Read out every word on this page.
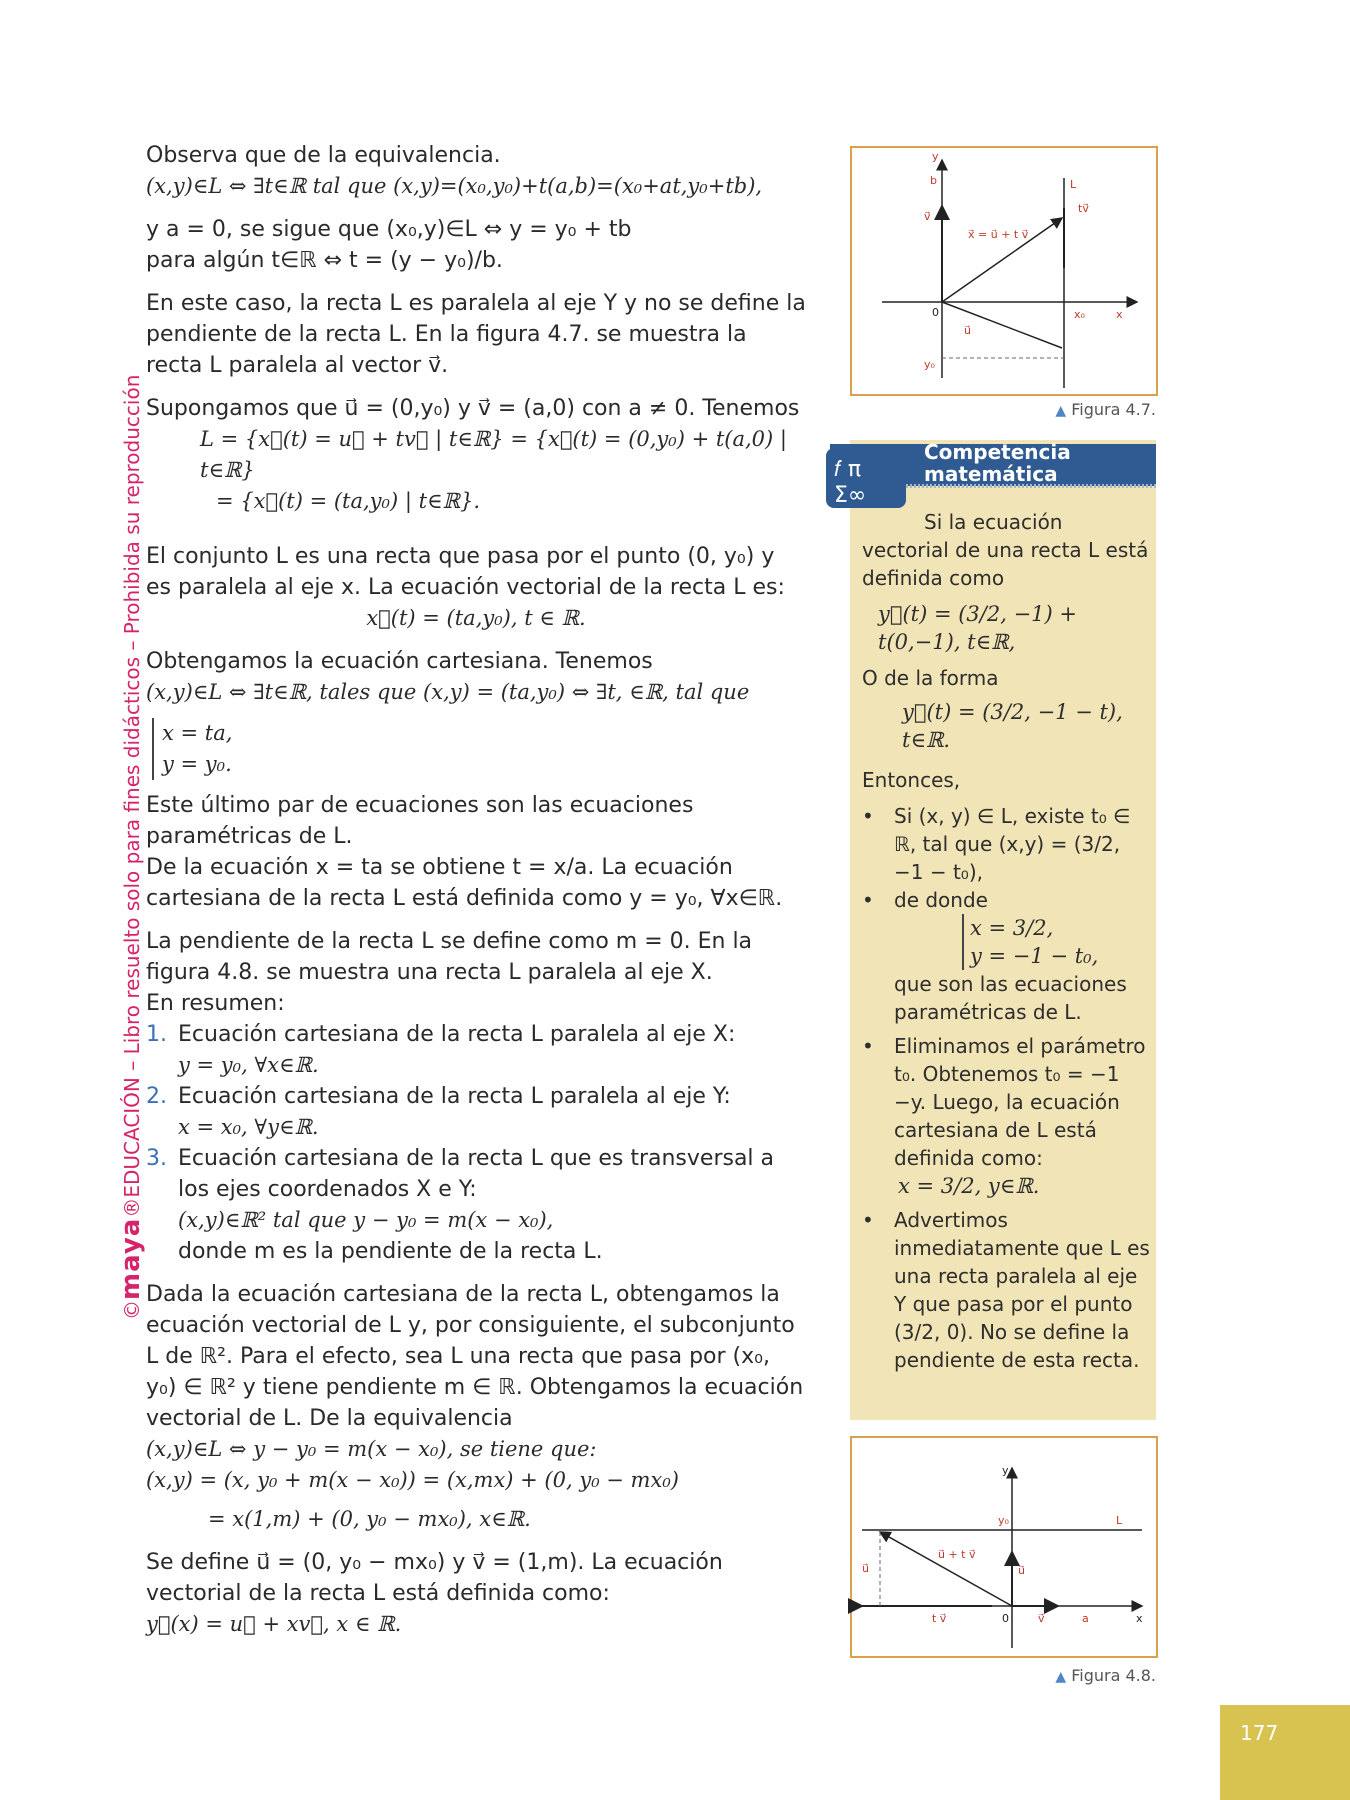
©maya®EDUCACIÓN – Libro resuelto solo para fines didácticos – Prohibida su reproducción

Observa que de la equivalencia.

(x,y)∈L ⇔ ∃t∈ℝ tal que (x,y)=(x₀,y₀)+t(a,b)=(x₀+at,y₀+tb),

y a = 0, se sigue que (x₀,y)∈L ⇔ y = y₀ + tb

para algún t∈ℝ ⇔ t = (y − y₀)/b.

En este caso, la recta L es paralela al eje Y y no se define la pendiente de la recta L. En la figura 4.7. se muestra la recta L paralela al vector v⃗.

Supongamos que u⃗ = (0,y₀) y v⃗ = (a,0) con a ≠ 0. Tenemos

L = {x⃗(t) = u⃗ + tv⃗ | t∈ℝ} = {x⃗(t) = (0,y₀) + t(a,0) | t∈ℝ}

= {x⃗(t) = (ta,y₀) | t∈ℝ}.

El conjunto L es una recta que pasa por el punto (0, y₀) y es paralela al eje x. La ecuación vectorial de la recta L es:

x⃗(t) = (ta,y₀), t ∈ ℝ.

Obtengamos la ecuación cartesiana. Tenemos

(x,y)∈L ⇔ ∃t∈ℝ, tales que (x,y) = (ta,y₀) ⇔ ∃t, ∈ℝ, tal que

x = ta,

y = y₀.

Este último par de ecuaciones son las ecuaciones paramétricas de L.

De la ecuación x = ta se obtiene t = x/a. La ecuación cartesiana de la recta L está definida como y = y₀, ∀x∈ℝ.

La pendiente de la recta L se define como m = 0. En la figura 4.8. se muestra una recta L paralela al eje X.

En resumen:

1. Ecuación cartesiana de la recta L paralela al eje X:

y = y₀, ∀x∈ℝ.

2. Ecuación cartesiana de la recta L paralela al eje Y:

x = x₀, ∀y∈ℝ.

3. Ecuación cartesiana de la recta L que es transversal a los ejes coordenados X e Y:

(x,y)∈ℝ² tal que y − y₀ = m(x − x₀),

donde m es la pendiente de la recta L.

Dada la ecuación cartesiana de la recta L, obtengamos la ecuación vectorial de L y, por consiguiente, el subconjunto L de ℝ². Para el efecto, sea L una recta que pasa por (x₀, y₀) ∈ ℝ² y tiene pendiente m ∈ ℝ. Obtengamos la ecuación vectorial de L. De la equivalencia

(x,y)∈L ⇔ y − y₀ = m(x − x₀), se tiene que:

(x,y) = (x, y₀ + m(x − x₀)) = (x,mx) + (0, y₀ − mx₀)

= x(1,m) + (0, y₀ − mx₀), x∈ℝ.

Se define u⃗ = (0, y₀ − mx₀) y v⃗ = (1,m). La ecuación vectorial de la recta L está definida como:

y⃗(x) = u⃗ + xv⃗, x ∈ ℝ.

y
b
v⃗
L
tv⃗
x⃗ = u⃗ + t v⃗
0	x₀	x
u⃗
y₀
▲ Figura 4.7.
𝑓 π
Σ∞
Competencia
matemática

Si la ecuación vectorial de una recta L está definida como

y⃗(t) = (3/2, −1) + t(0,−1), t∈ℝ,

O de la forma

y⃗(t) = (3/2, −1 − t), t∈ℝ.

Entonces,

• Si (x, y) ∈ L, existe t₀ ∈ ℝ, tal que (x,y) = (3/2, −1 − t₀),

• de donde

x = 3/2,

y = −1 − t₀,

que son las ecuaciones paramétricas de L.

• Eliminamos el parámetro t₀. Obtenemos t₀ = −1 −y. Luego, la ecuación cartesiana de L está definida como:

x = 3/2, y∈ℝ.

• Advertimos inmediatamente que L es una recta paralela al eje Y que pasa por el punto (3/2, 0). No se define la pendiente de esta recta.

y
y₀	L
u⃗ + t v⃗
u⃗	u⃗
t v⃗	0	v⃗	a	x
▲ Figura 4.8.
177
